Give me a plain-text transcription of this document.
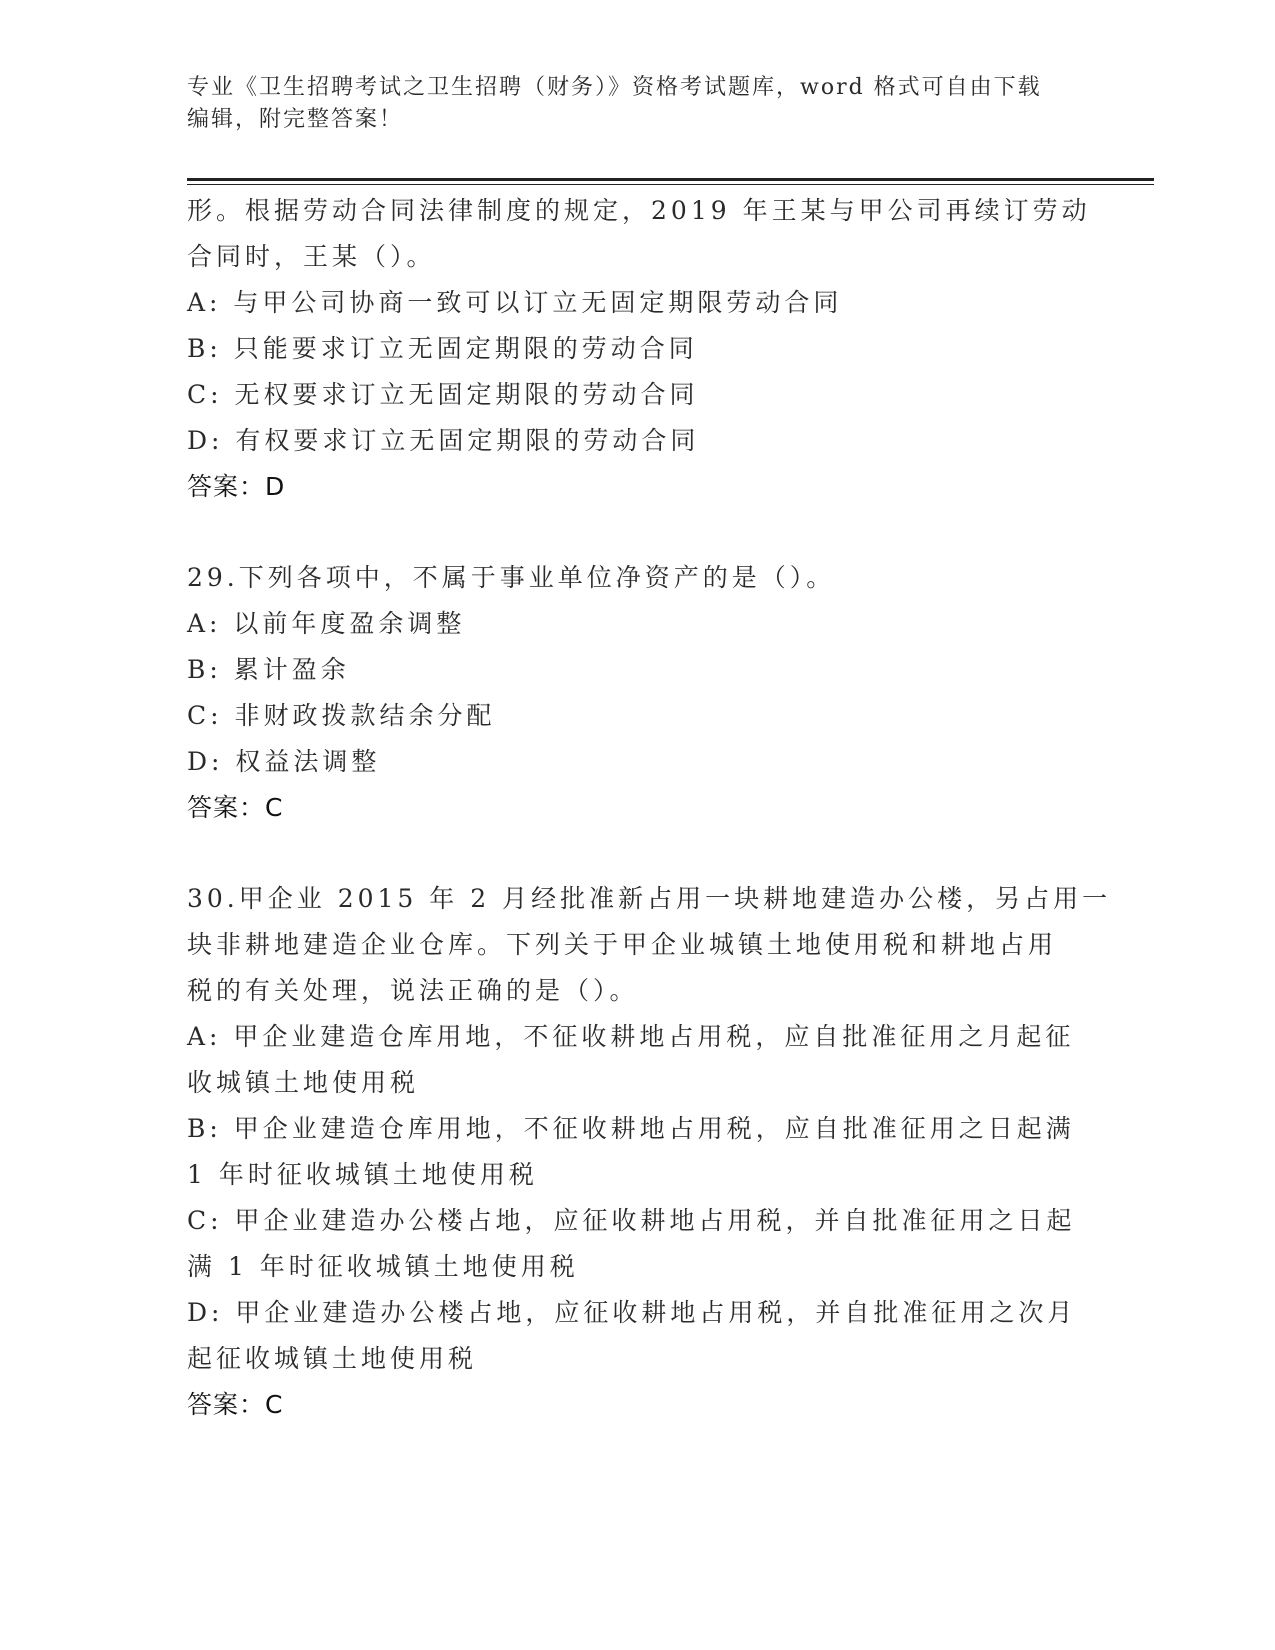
专业《卫生招聘考试之卫生招聘（财务）》资格考试题库，word 格式可自由下载
编辑，附完整答案！
形。根据劳动合同法律制度的规定，2019 年王某与甲公司再续订劳动
合同时，王某（）。
A: 与甲公司协商一致可以订立无固定期限劳动合同
B: 只能要求订立无固定期限的劳动合同
C: 无权要求订立无固定期限的劳动合同
D: 有权要求订立无固定期限的劳动合同
答案：D
29.下列各项中，不属于事业单位净资产的是（）。
A: 以前年度盈余调整
B: 累计盈余
C: 非财政拨款结余分配
D: 权益法调整
答案：C
30.甲企业 2015 年 2 月经批准新占用一块耕地建造办公楼，另占用一
块非耕地建造企业仓库。下列关于甲企业城镇土地使用税和耕地占用
税的有关处理，说法正确的是（）。
A: 甲企业建造仓库用地，不征收耕地占用税，应自批准征用之月起征
收城镇土地使用税
B: 甲企业建造仓库用地，不征收耕地占用税，应自批准征用之日起满
1 年时征收城镇土地使用税
C: 甲企业建造办公楼占地，应征收耕地占用税，并自批准征用之日起
满 1 年时征收城镇土地使用税
D: 甲企业建造办公楼占地，应征收耕地占用税，并自批准征用之次月
起征收城镇土地使用税
答案：C
